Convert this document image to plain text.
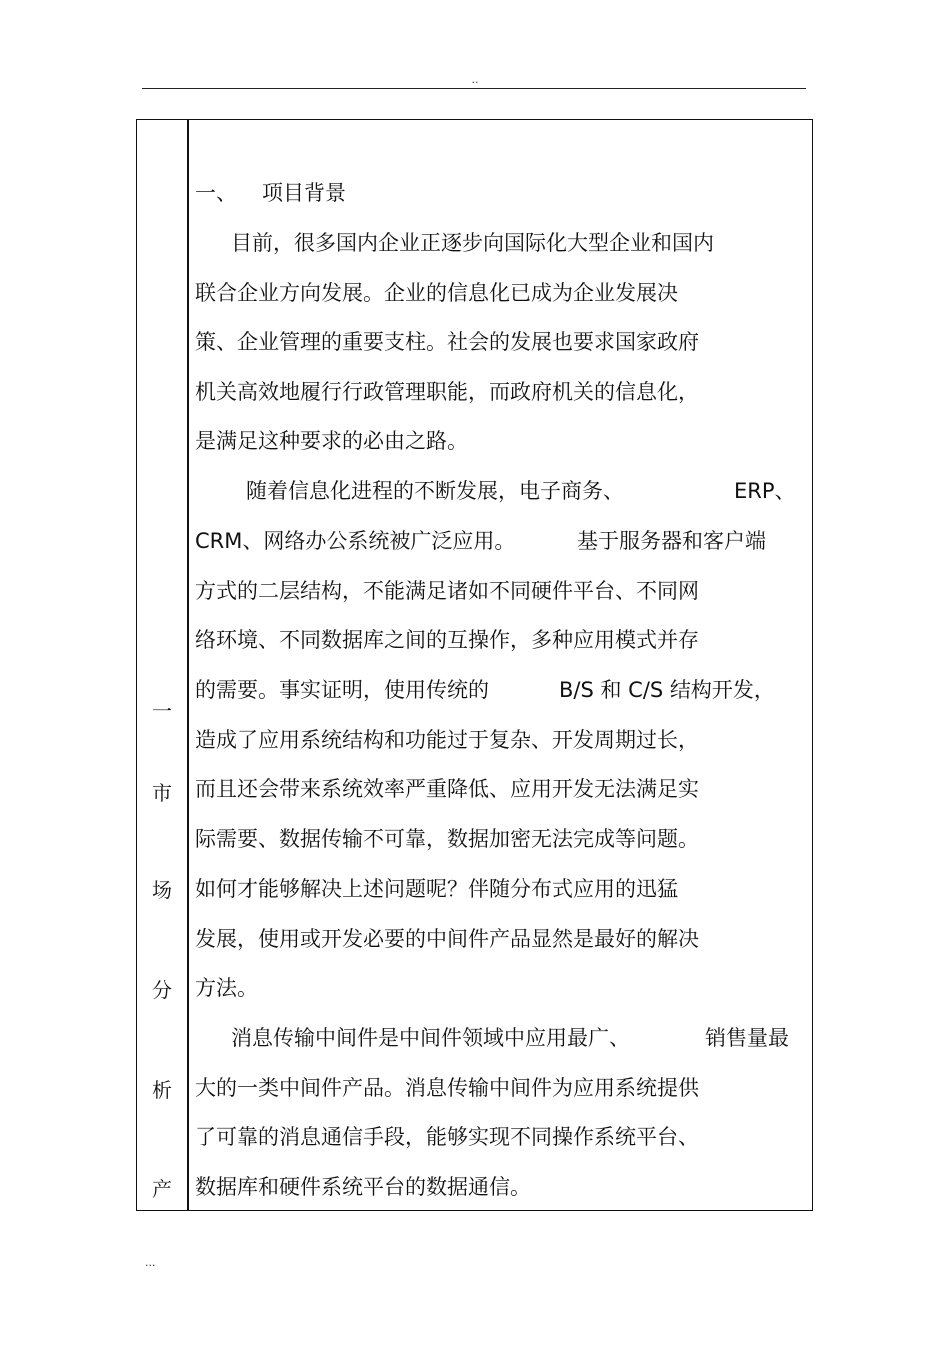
..
一
市
场
分
析
产
一、 项目背景
目前，很多国内企业正逐步向国际化大型企业和国内
联合企业方向发展。企业的信息化已成为企业发展决
策、企业管理的重要支柱。社会的发展也要求国家政府
机关高效地履行行政管理职能，而政府机关的信息化，
是满足这种要求的必由之路。
随着信息化进程的不断发展，电子商务、	ERP、
CRM、网络办公系统被广泛应用。	基于服务器和客户端
方式的二层结构，不能满足诸如不同硬件平台、不同网
络环境、不同数据库之间的互操作，多种应用模式并存
的需要。事实证明，使用传统的	B/S 和 C/S 结构开发，
造成了应用系统结构和功能过于复杂、开发周期过长，
而且还会带来系统效率严重降低、应用开发无法满足实
际需要、数据传输不可靠，数据加密无法完成等问题。
如何才能够解决上述问题呢？伴随分布式应用的迅猛
发展，使用或开发必要的中间件产品显然是最好的解决
方法。
消息传输中间件是中间件领域中应用最广、	销售量最
大的一类中间件产品。消息传输中间件为应用系统提供
了可靠的消息通信手段，能够实现不同操作系统平台、
数据库和硬件系统平台的数据通信。
...
